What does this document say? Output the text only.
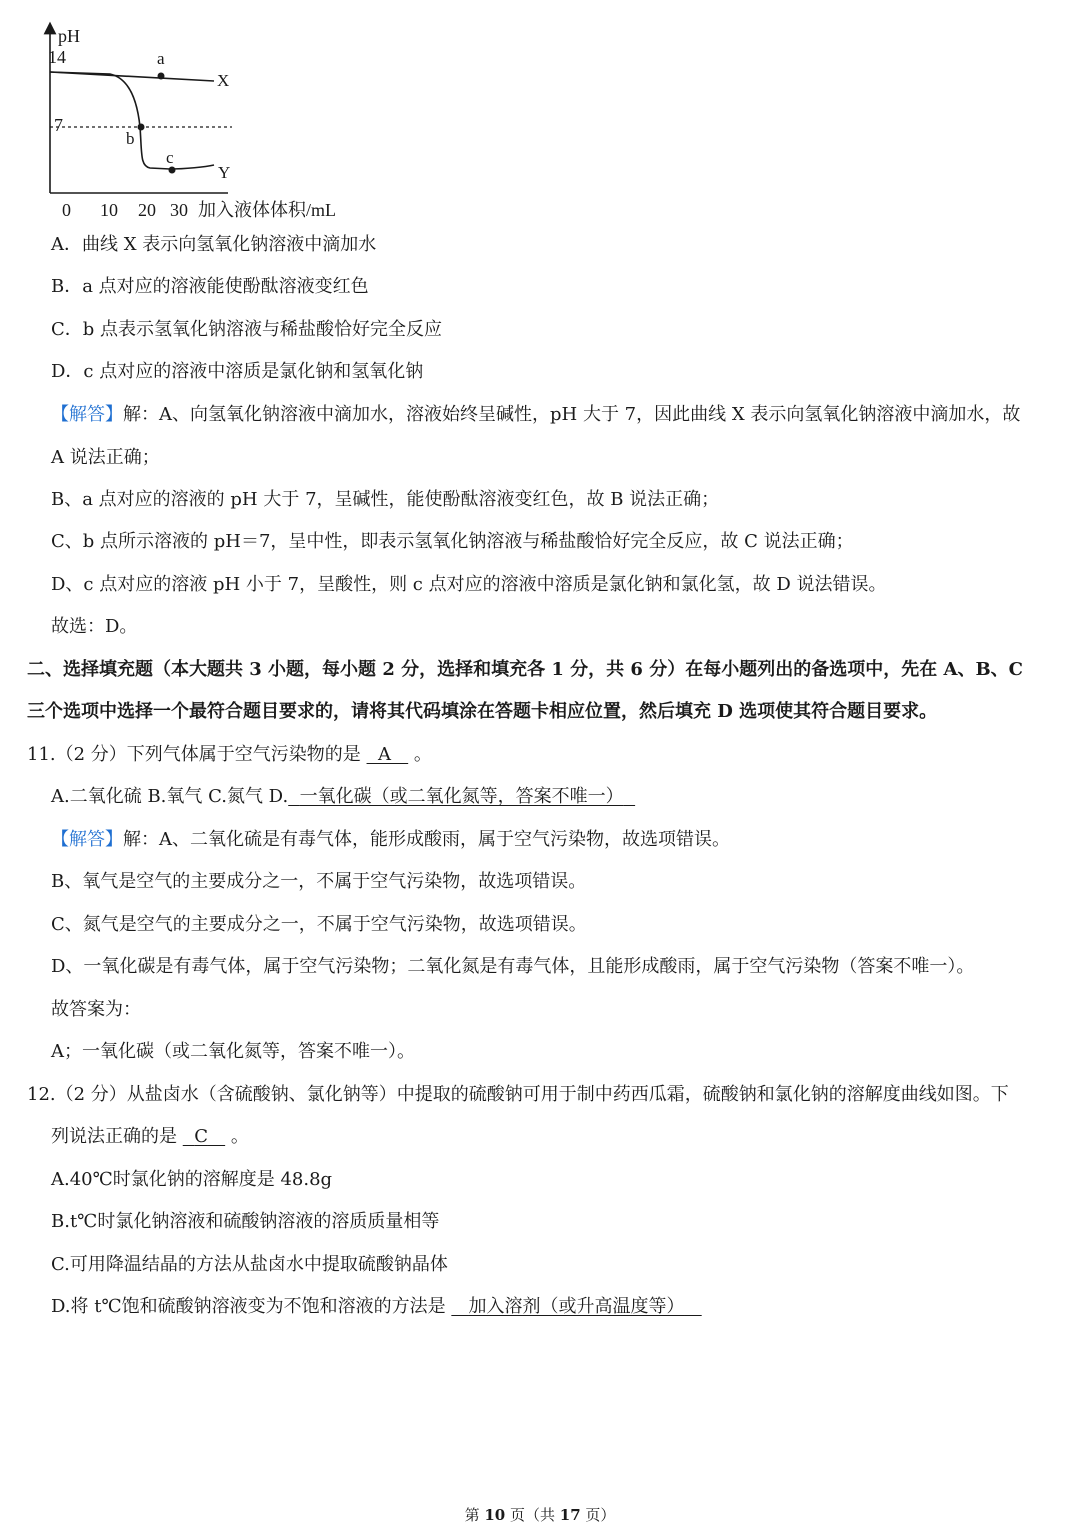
pH
14
7
a
b
c
X
Y
0 10 20 30 加入液体体积/mL
A．曲线 X 表示向氢氧化钠溶液中滴加水
B．a 点对应的溶液能使酚酞溶液变红色
C．b 点表示氢氧化钠溶液与稀盐酸恰好完全反应
D．c 点对应的溶液中溶质是氯化钠和氢氧化钠
【解答】解：A、向氢氧化钠溶液中滴加水，溶液始终呈碱性，pH 大于 7，因此曲线 X 表示向氢氧化钠溶液中滴加水，故
A 说法正确；
B、a 点对应的溶液的 pH 大于 7，呈碱性，能使酚酞溶液变红色，故 B 说法正确；
C、b 点所示溶液的 pH＝7，呈中性，即表示氢氧化钠溶液与稀盐酸恰好完全反应，故 C 说法正确；
D、c 点对应的溶液 pH 小于 7，呈酸性，则 c 点对应的溶液中溶质是氯化钠和氯化氢，故 D 说法错误。
故选：D。
二、选择填充题（本大题共 3 小题，每小题 2 分，选择和填充各 1 分，共 6 分）在每小题列出的备选项中，先在 A、B、C
三个选项中选择一个最符合题目要求的，请将其代码填涂在答题卡相应位置，然后填充 D 选项使其符合题目要求。
11.（2 分）下列气体属于空气污染物的是 A 。
A.二氧化硫 B.氧气 C.氮气 D. 一氧化碳（或二氧化氮等，答案不唯一）
【解答】解：A、二氧化硫是有毒气体，能形成酸雨，属于空气污染物，故选项错误。
B、氧气是空气的主要成分之一，不属于空气污染物，故选项错误。
C、氮气是空气的主要成分之一，不属于空气污染物，故选项错误。
D、一氧化碳是有毒气体，属于空气污染物；二氧化氮是有毒气体，且能形成酸雨，属于空气污染物（答案不唯一）。
故答案为：
A；一氧化碳（或二氧化氮等，答案不唯一）。
12.（2 分）从盐卤水（含硫酸钠、氯化钠等）中提取的硫酸钠可用于制中药西瓜霜，硫酸钠和氯化钠的溶解度曲线如图。下
列说法正确的是 C 。
A.40℃时氯化钠的溶解度是 48.8g
B.t℃时氯化钠溶液和硫酸钠溶液的溶质质量相等
C.可用降温结晶的方法从盐卤水中提取硫酸钠晶体
D.将 t℃饱和硫酸钠溶液变为不饱和溶液的方法是 加入溶剂（或升高温度等）
第 10 页（共 17 页）
